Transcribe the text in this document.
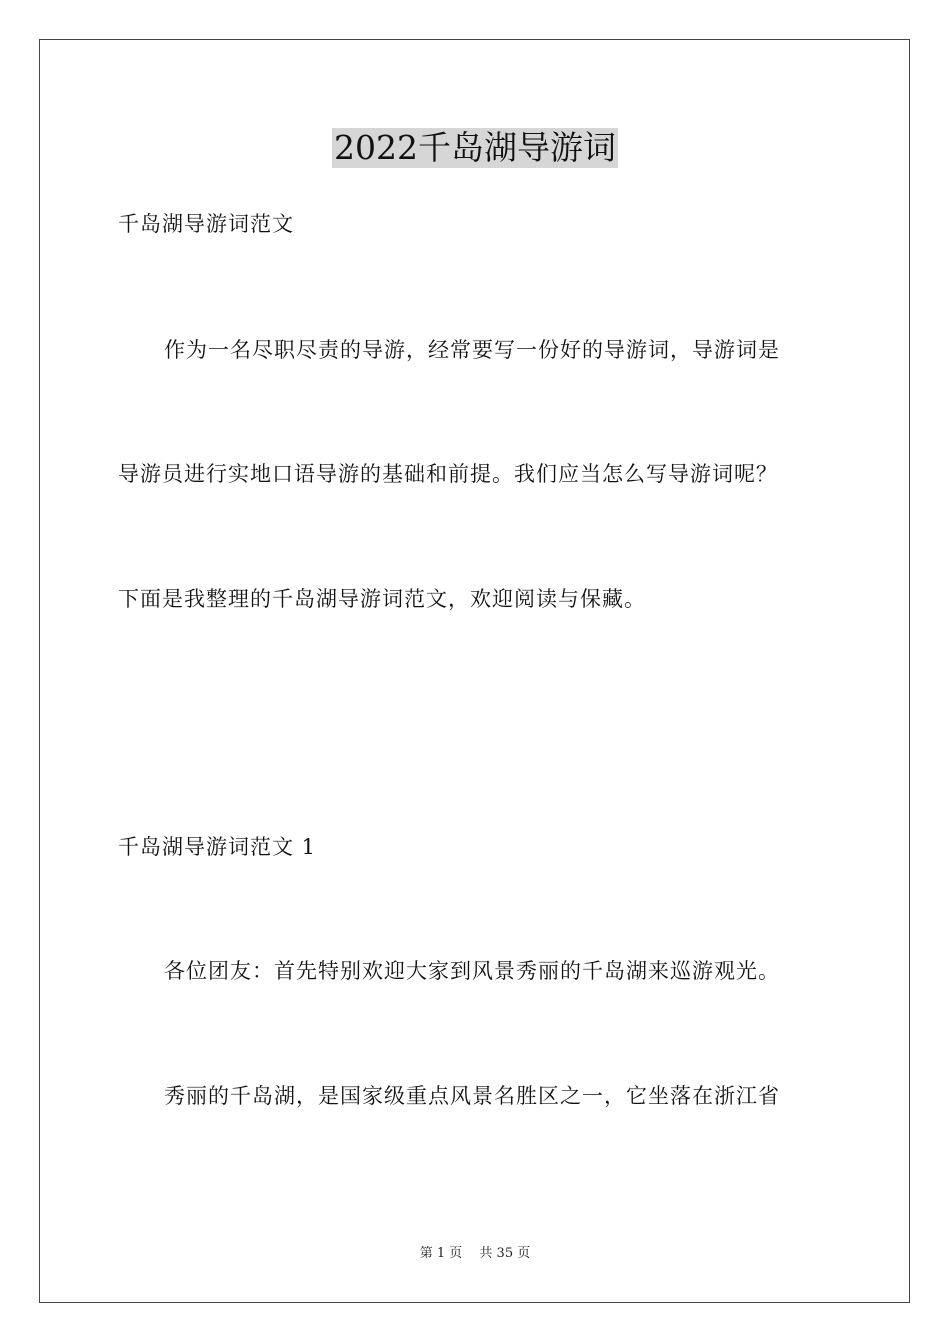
2022千岛湖导游词
千岛湖导游词范文
作为一名尽职尽责的导游，经常要写一份好的导游词，导游词是
导游员进行实地口语导游的基础和前提。我们应当怎么写导游词呢？
下面是我整理的千岛湖导游词范文，欢迎阅读与保藏。
千岛湖导游词范文 1
各位团友：首先特别欢迎大家到风景秀丽的千岛湖来巡游观光。
秀丽的千岛湖，是国家级重点风景名胜区之一，它坐落在浙江省
第 1 页　 共 35 页
